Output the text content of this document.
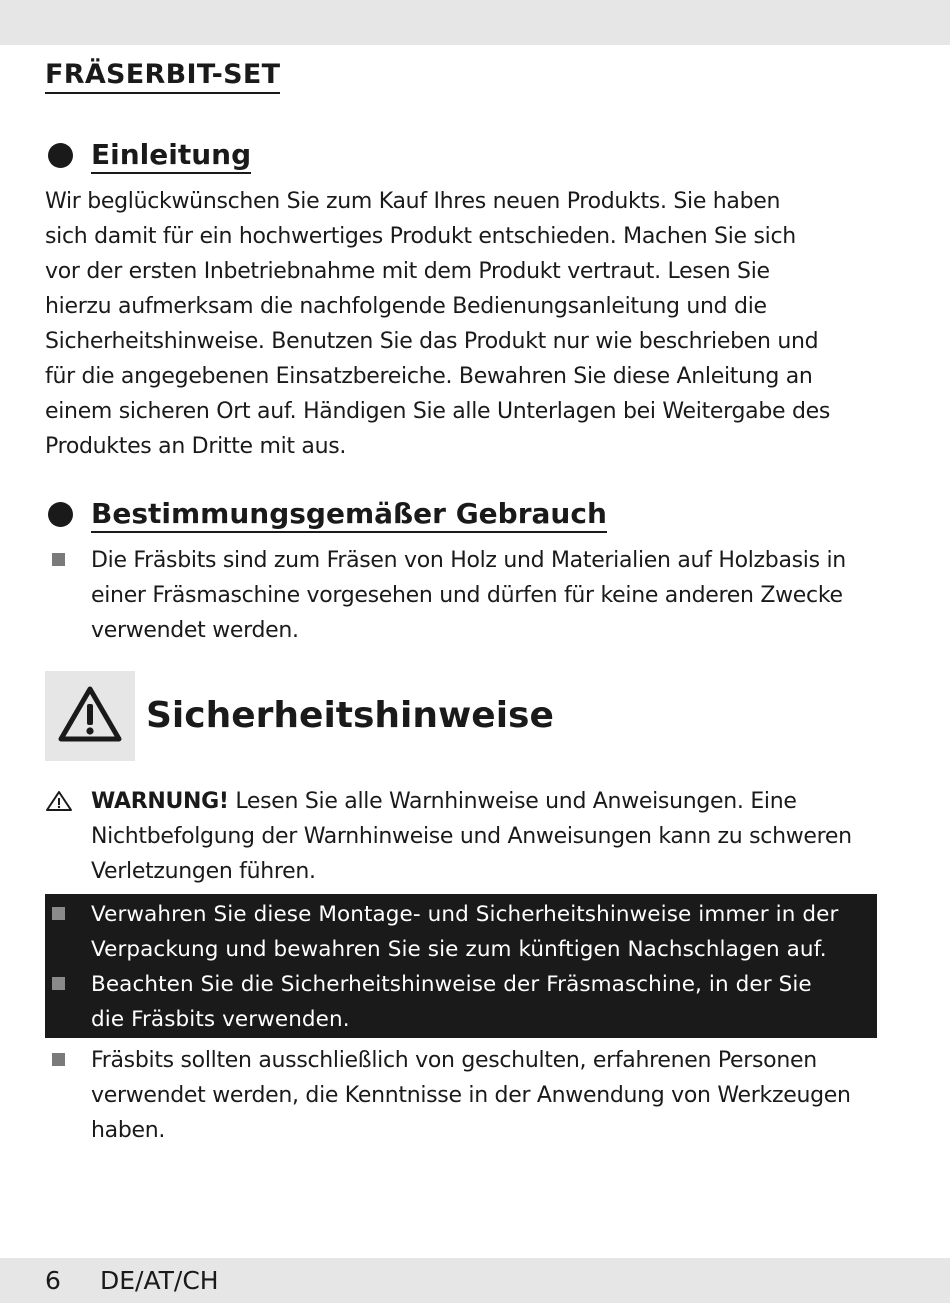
FRÄSERBIT-SET
Einleitung

Wir beglückwünschen Sie zum Kauf Ihres neuen Produkts. Sie haben
sich damit für ein hochwertiges Produkt entschieden. Machen Sie sich
vor der ersten Inbetriebnahme mit dem Produkt vertraut. Lesen Sie
hierzu aufmerksam die nachfolgende Bedienungsanleitung und die
Sicherheitshinweise. Benutzen Sie das Produkt nur wie beschrieben und
für die angegebenen Einsatzbereiche. Bewahren Sie diese Anleitung an
einem sicheren Ort auf. Händigen Sie alle Unterlagen bei Weitergabe des
Produktes an Dritte mit aus.

Bestimmungsgemäßer Gebrauch

Die Fräsbits sind zum Fräsen von Holz und Materialien auf Holzbasis in
einer Fräsmaschine vorgesehen und dürfen für keine anderen Zwecke
verwendet werden.

Sicherheitshinweise

WARNUNG! Lesen Sie alle Warnhinweise und Anweisungen. Eine
Nichtbefolgung der Warnhinweise und Anweisungen kann zu schweren
Verletzungen führen.

Verwahren Sie diese Montage- und Sicherheitshinweise immer in der
Verpackung und bewahren Sie sie zum künftigen Nachschlagen auf.

Beachten Sie die Sicherheitshinweise der Fräsmaschine, in der Sie
die Fräsbits verwenden.

Fräsbits sollten ausschließlich von geschulten, erfahrenen Personen
verwendet werden, die Kenntnisse in der Anwendung von Werkzeugen
haben.

6 DE/AT/CH
